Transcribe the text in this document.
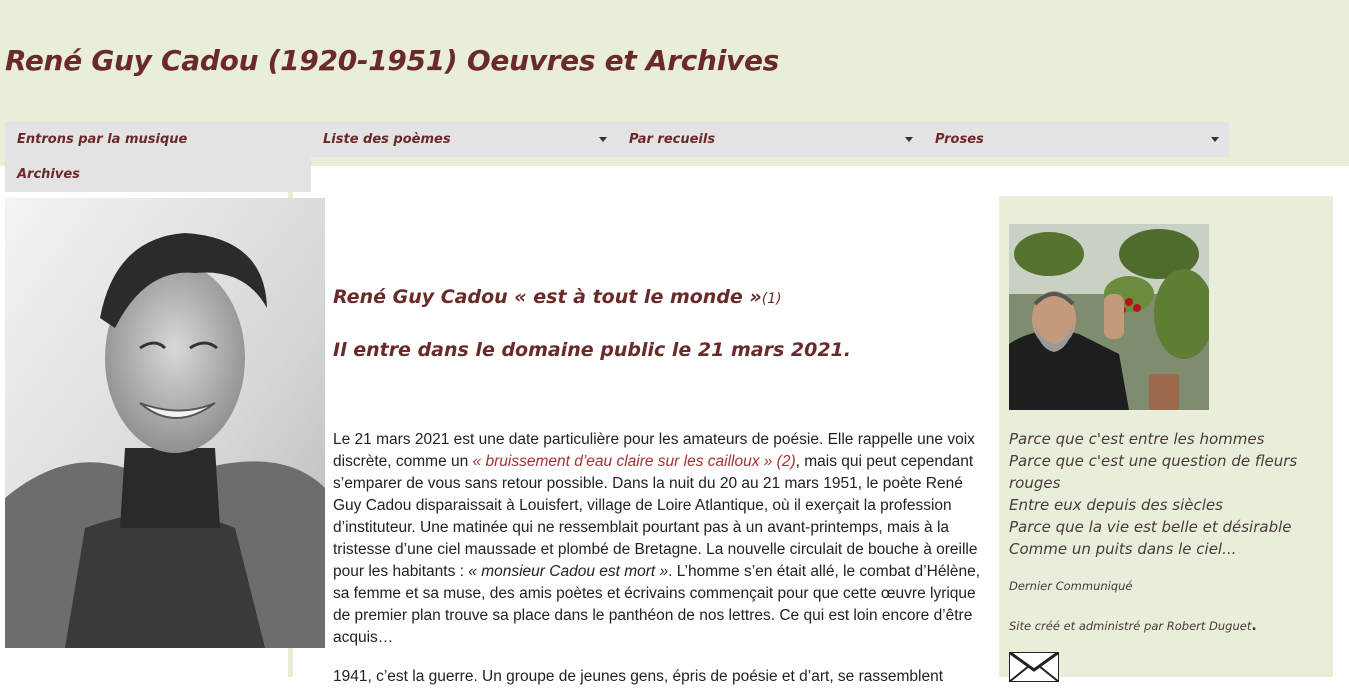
René Guy Cadou (1920-1951) Oeuvres et Archives
Entrons par la musique	Liste des poèmes	Par recueils	Proses
Archives
René Guy Cadou « est à tout le monde »(1)
Il entre dans le domaine public le 21 mars 2021.

Le 21 mars 2021 est une date particulière pour les amateurs de poésie. Elle rappelle une voix discrète, comme un « bruissement d’eau claire sur les cailloux » (2), mais qui peut cependant s’emparer de vous sans retour possible. Dans la nuit du 20 au 21 mars 1951, le poète René Guy Cadou disparaissait à Louisfert, village de Loire Atlantique, où il exerçait la profession d’instituteur. Une matinée qui ne ressemblait pourtant pas à un avant-printemps, mais à la tristesse d’une ciel maussade et plombé de Bretagne. La nouvelle circulait de bouche à oreille pour les habitants : « monsieur Cadou est mort ». L’homme s’en était allé, le combat d’Hélène, sa femme et sa muse, des amis poètes et écrivains commençait pour que cette œuvre lyrique de premier plan trouve sa place dans le panthéon de nos lettres. Ce qui est loin encore d’être acquis…

1941, c’est la guerre. Un groupe de jeunes gens, épris de poésie et d’art, se rassemblent

Parce que c'est entre les hommes
Parce que c'est une question de fleurs rouges
Entre eux depuis des siècles
Parce que la vie est belle et désirable
Comme un puits dans le ciel...
Dernier Communiqué
Site créé et administré par Robert Duguet.
